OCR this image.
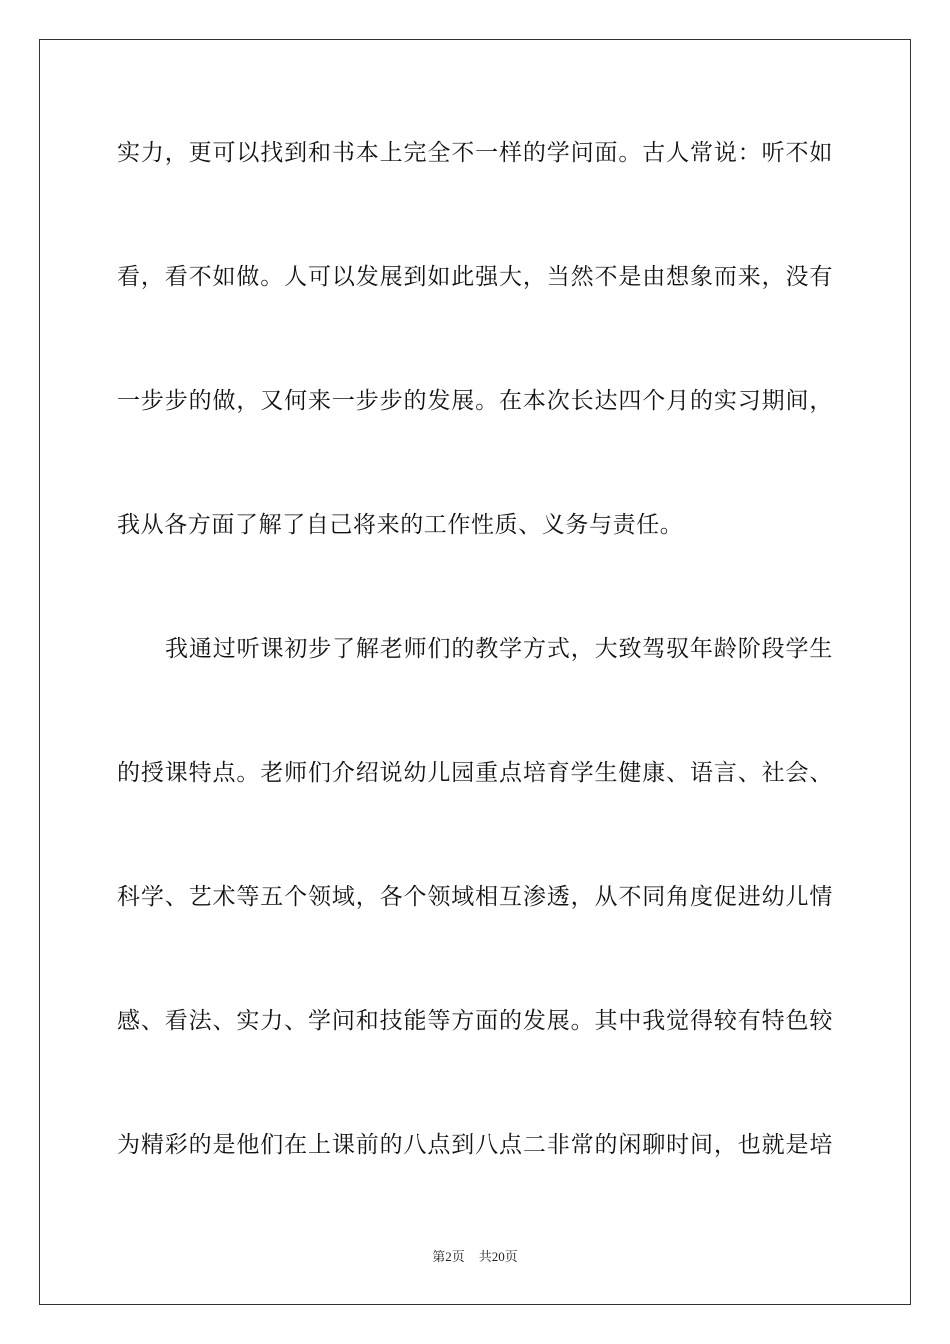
实力，更可以找到和书本上完全不一样的学问面。古人常说：听不如
看，看不如做。人可以发展到如此强大，当然不是由想象而来，没有
一步步的做，又何来一步步的发展。在本次长达四个月的实习期间，
我从各方面了解了自己将来的工作性质、义务与责任。
我通过听课初步了解老师们的教学方式，大致驾驭年龄阶段学生
的授课特点。老师们介绍说幼儿园重点培育学生健康、语言、社会、
科学、艺术等五个领域，各个领域相互渗透，从不同角度促进幼儿情
感、看法、实力、学问和技能等方面的发展。其中我觉得较有特色较
为精彩的是他们在上课前的八点到八点二非常的闲聊时间，也就是培
第2页 共20页
